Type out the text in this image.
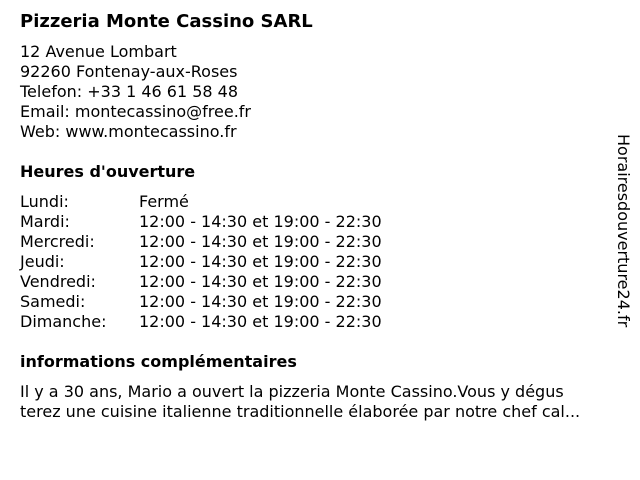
Pizzeria Monte Cassino SARL
12 Avenue Lombart
92260 Fontenay-aux-Roses
Telefon: +33 1 46 61 58 48
Email: montecassino@free.fr
Web: www.montecassino.fr
Heures d'ouverture
Lundi:	Fermé
Mardi:	12:00 - 14:30 et 19:00 - 22:30
Mercredi:	12:00 - 14:30 et 19:00 - 22:30
Jeudi:	12:00 - 14:30 et 19:00 - 22:30
Vendredi:	12:00 - 14:30 et 19:00 - 22:30
Samedi:	12:00 - 14:30 et 19:00 - 22:30
Dimanche:	12:00 - 14:30 et 19:00 - 22:30
informations complémentaires
Il y a 30 ans, Mario a ouvert la pizzeria Monte Cassino.Vous y dégus
terez une cuisine italienne traditionnelle élaborée par notre chef cal...
Horairesdouverture24.fr
